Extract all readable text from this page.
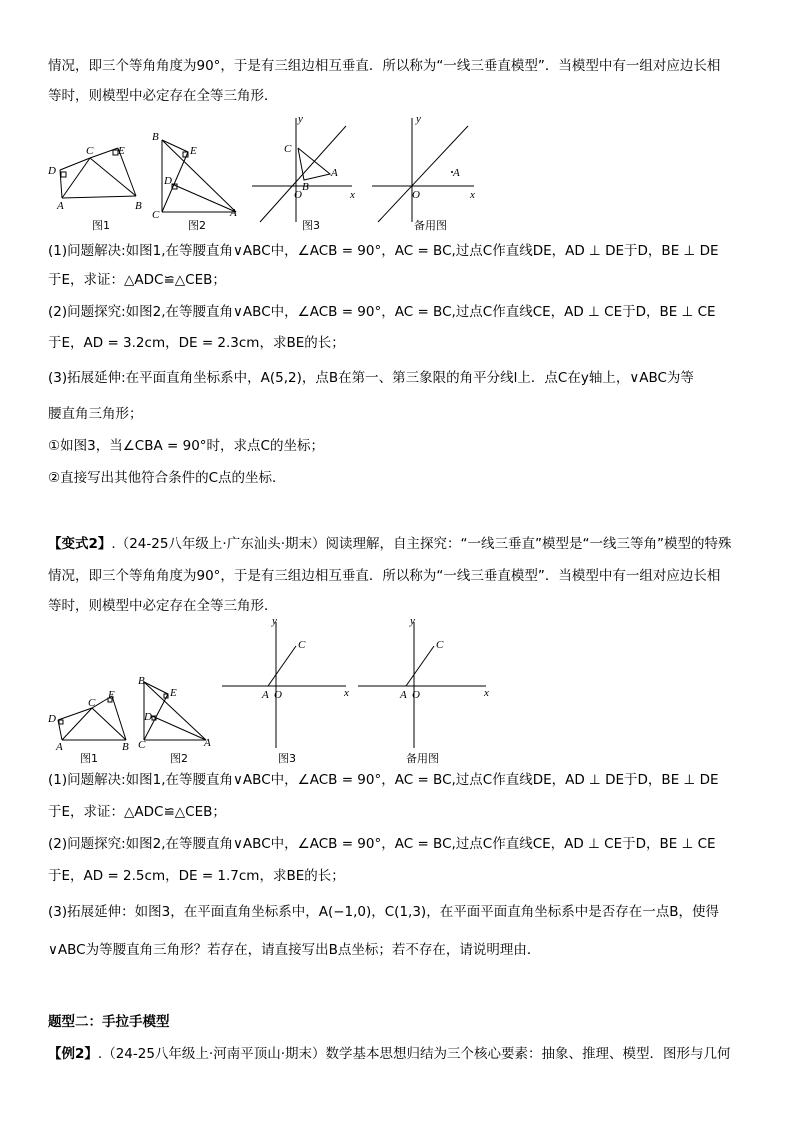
情况，即三个等角角度为90°，于是有三组边相互垂直．所以称为“一线三垂直模型”．当模型中有一组对应边长相
等时，则模型中必定存在全等三角形．
D
C E
A	B
图1
B
E
D
C	A
图2
y
x
C
A
B
O
图3
y
x
A
O
备用图
(1)问题解决:如图1,在等腰直角∨ABC中，∠ACB = 90°，AC = BC,过点C作直线DE，AD ⊥ DE于D，BE ⊥ DE
于E，求证：△ADC≌△CEB；
(2)问题探究:如图2,在等腰直角∨ABC中，∠ACB = 90°，AC = BC,过点C作直线CE，AD ⊥ CE于D，BE ⊥ CE
于E，AD = 3.2cm，DE = 2.3cm，求BE的长；
(3)拓展延伸:在平面直角坐标系中，A(5,2)，点B在第一、第三象限的角平分线l上．点C在y轴上，∨ABC为等
腰直角三角形；
①如图3，当∠CBA = 90°时，求点C的坐标；
②直接写出其他符合条件的C点的坐标．
【变式2】.（24-25八年级上·广东汕头·期末）阅读理解，自主探究：“一线三垂直”模型是“一线三等角”模型的特殊
情况，即三个等角角度为90°，于是有三组边相互垂直．所以称为“一线三垂直模型”．当模型中有一组对应边长相
等时，则模型中必定存在全等三角形．
D
C
E
A	B
图1
B
E
D
C	A
图2
y
x
C
A O
图3
y
x
C
A O
备用图
(1)问题解决:如图1,在等腰直角∨ABC中，∠ACB = 90°，AC = BC,过点C作直线DE，AD ⊥ DE于D，BE ⊥ DE
于E，求证：△ADC≌△CEB；
(2)问题探究:如图2,在等腰直角∨ABC中，∠ACB = 90°，AC = BC,过点C作直线CE，AD ⊥ CE于D，BE ⊥ CE
于E，AD = 2.5cm，DE = 1.7cm，求BE的长；
(3)拓展延伸：如图3，在平面直角坐标系中，A(−1,0)，C(1,3)，在平面平面直角坐标系中是否存在一点B，使得
∨ABC为等腰直角三角形？若存在，请直接写出B点坐标；若不存在，请说明理由．
题型二：手拉手模型
【例2】.（24-25八年级上·河南平顶山·期末）数学基本思想归结为三个核心要素：抽象、推理、模型．图形与几何
